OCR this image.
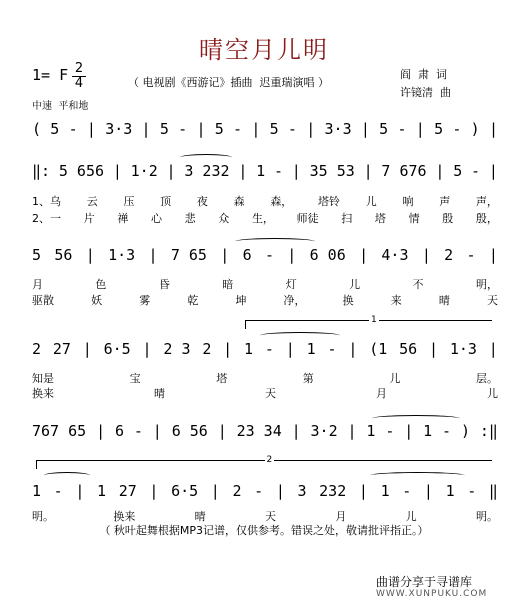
晴空月儿明
1= F 2
4	（ 电视剧《西游记》插曲  迟重瑞演唱 ）
阎  肃  词
许镜清  曲
中速  平和地
( 5 - | 3·3 | 5 - | 5 - | 5 - | 3·3 | 5 - | 5 - ) |
‖: 5 656 | 1·2 | 3 232 | 1 - | 35 53 | 7 676 | 5 - |
1、乌 云 压 顶 夜 森 森， 塔铃 儿 响 声 声，
2、一 片 禅 心 悲 众 生， 师徒 扫 塔 情 殷 殷，
5 56 | 1·3 | 7 65 | 6 - | 6 06 | 4·3 | 2 - |
月	色	昏	暗	灯	儿	不	明，
驱散	妖	雾	乾	坤	净，	换	来	晴	天
1
2 27 | 6·5 | 2 3 2 | 1 - | 1 - | (1 56 | 1·3 |
知是	宝	塔	第	儿	层。
换来	晴	天	月	儿
767 65 | 6 - | 6 56 | 23 34 | 3·2 | 1 - | 1 - ) :‖
2
1 - | 1 27 | 6·5 | 2 - | 3 232 | 1 - | 1 - ‖
明。	换来	晴	天	月	儿	明。
（ 秋叶起舞根据MP3记谱，仅供参考。错误之处，敬请批评指正。）
曲谱分享于寻谱库
WWW.XUNPUKU.COM
